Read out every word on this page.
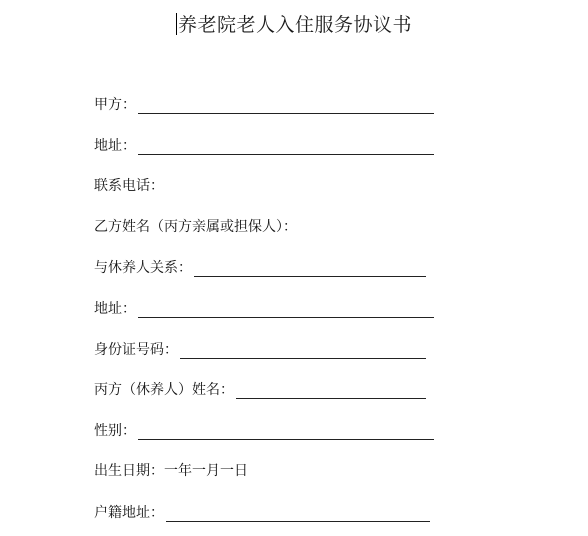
养老院老人入住服务协议书
甲方：
地址：
联系电话：
乙方姓名（丙方亲属或担保人）：
与休养人关系：
地址：
身份证号码：
丙方（休养人）姓名：
性别：
出生日期：一年一月一日
户籍地址：
